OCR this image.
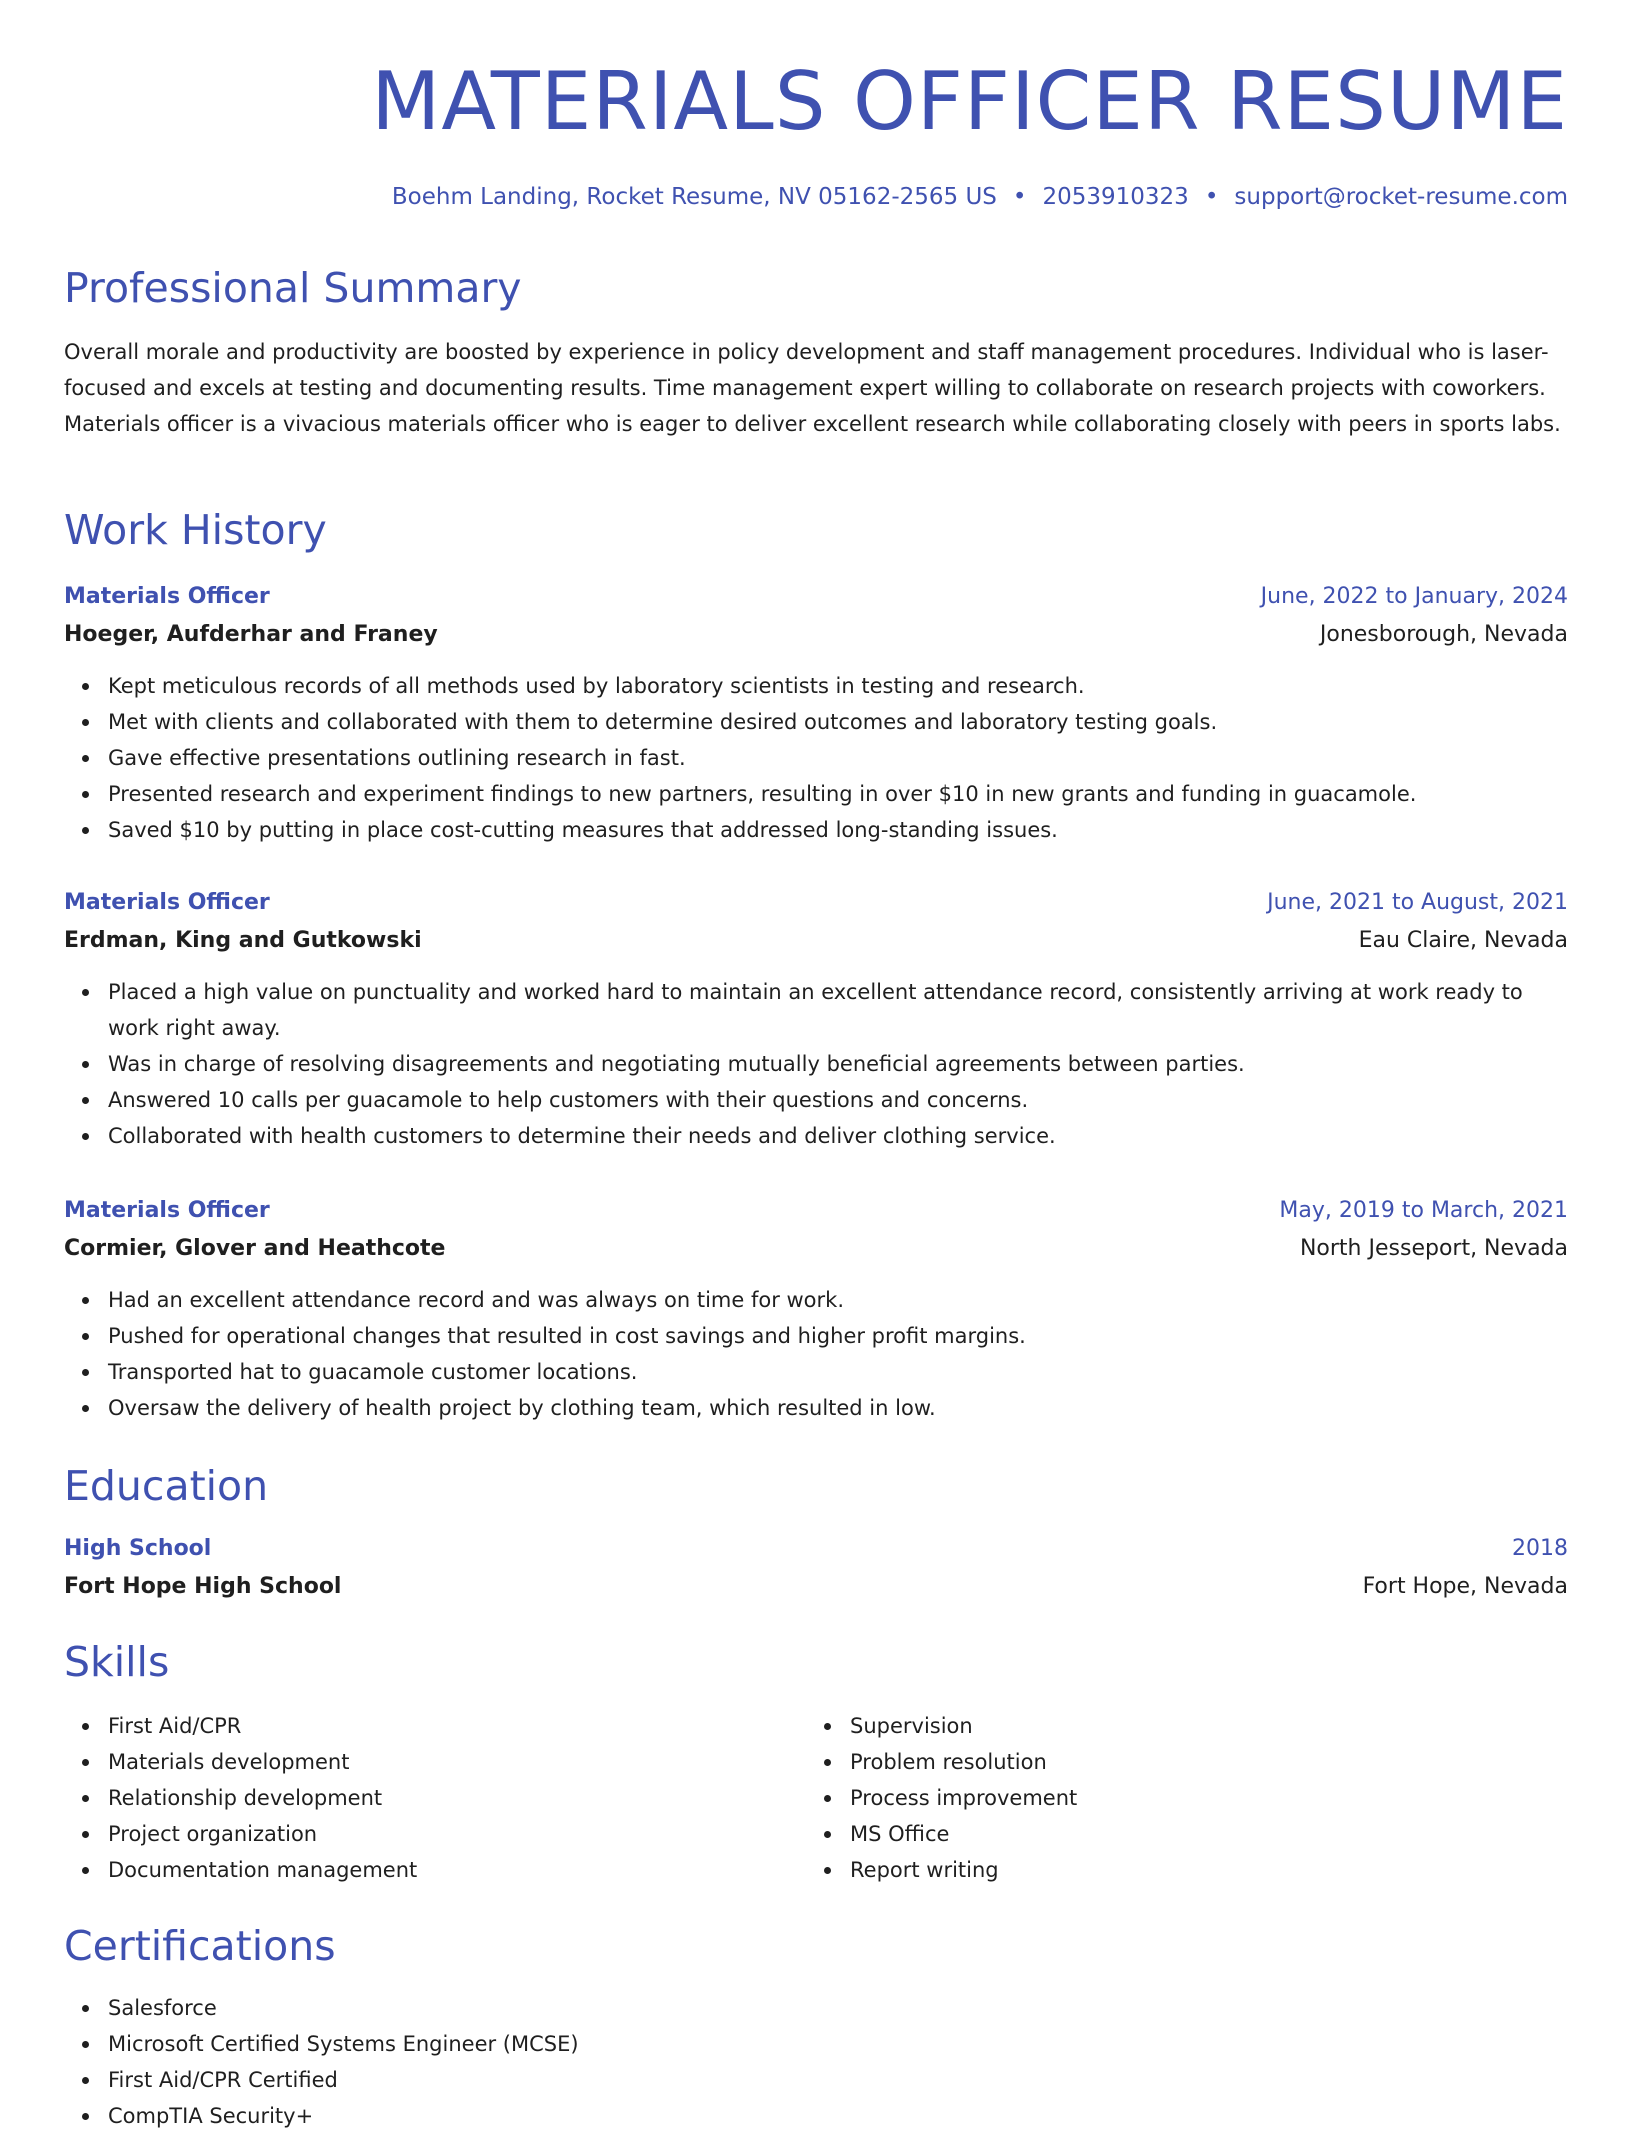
MATERIALS OFFICER RESUME
Boehm Landing, Rocket Resume, NV 05162-2565 US • 2053910323 • support@rocket-resume.com
Professional Summary
Overall morale and productivity are boosted by experience in policy development and staff management procedures. Individual who is laser-focused and excels at testing and documenting results. Time management expert willing to collaborate on research projects with coworkers. Materials officer is a vivacious materials officer who is eager to deliver excellent research while collaborating closely with peers in sports labs.
Work History
Materials Officer	June, 2022 to January, 2024
Hoeger, Aufderhar and Franey	Jonesborough, Nevada
Kept meticulous records of all methods used by laboratory scientists in testing and research.
Met with clients and collaborated with them to determine desired outcomes and laboratory testing goals.
Gave effective presentations outlining research in fast.
Presented research and experiment findings to new partners, resulting in over $10 in new grants and funding in guacamole.
Saved $10 by putting in place cost-cutting measures that addressed long-standing issues.
Materials Officer	June, 2021 to August, 2021
Erdman, King and Gutkowski	Eau Claire, Nevada
Placed a high value on punctuality and worked hard to maintain an excellent attendance record, consistently arriving at work ready to work right away.
Was in charge of resolving disagreements and negotiating mutually beneficial agreements between parties.
Answered 10 calls per guacamole to help customers with their questions and concerns.
Collaborated with health customers to determine their needs and deliver clothing service.
Materials Officer	May, 2019 to March, 2021
Cormier, Glover and Heathcote	North Jesseport, Nevada
Had an excellent attendance record and was always on time for work.
Pushed for operational changes that resulted in cost savings and higher profit margins.
Transported hat to guacamole customer locations.
Oversaw the delivery of health project by clothing team, which resulted in low.
Education
High School	2018
Fort Hope High School	Fort Hope, Nevada
Skills
First Aid/CPR
Materials development
Relationship development
Project organization
Documentation management
Supervision
Problem resolution
Process improvement
MS Office
Report writing
Certifications
Salesforce
Microsoft Certified Systems Engineer (MCSE)
First Aid/CPR Certified
CompTIA Security+
